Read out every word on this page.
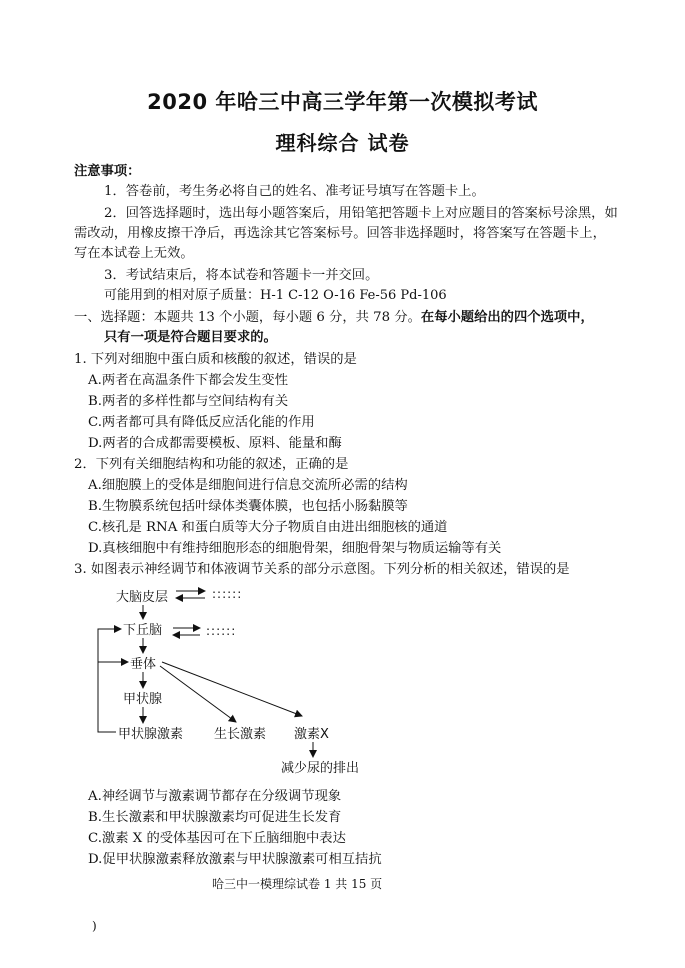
2020 年哈三中高三学年第一次模拟考试
理科综合 试卷
注意事项：
1．答卷前，考生务必将自己的姓名、准考证号填写在答题卡上。
2．回答选择题时，选出每小题答案后，用铅笔把答题卡上对应题目的答案标号涂黑，如
需改动，用橡皮擦干净后，再选涂其它答案标号。回答非选择题时，将答案写在答题卡上，
写在本试卷上无效。
3．考试结束后，将本试卷和答题卡一并交回。
可能用到的相对原子质量：H-1 C-12 O-16 Fe-56 Pd-106
一、选择题：本题共 13 个小题，每小题 6 分，共 78 分。在每小题给出的四个选项中，
只有一项是符合题目要求的。
1. 下列对细胞中蛋白质和核酸的叙述，错误的是
A.两者在高温条件下都会发生变性
B.两者的多样性都与空间结构有关
C.两者都可具有降低反应活化能的作用
D.两者的合成都需要模板、原料、能量和酶
2．下列有关细胞结构和功能的叙述，正确的是
A.细胞膜上的受体是细胞间进行信息交流所必需的结构
B.生物膜系统包括叶绿体类囊体膜，也包括小肠黏膜等
C.核孔是 RNA 和蛋白质等大分子物质自由进出细胞核的通道
D.真核细胞中有维持细胞形态的细胞骨架，细胞骨架与物质运输等有关
3. 如图表示神经调节和体液调节关系的部分示意图。下列分析的相关叙述，错误的是
大脑皮层
下丘脑
垂体
甲状腺
甲状腺激素 生长激素 激素X
减少尿的排出
::::::
::::::
A.神经调节与激素调节都存在分级调节现象
B.生长激素和甲状腺激素均可促进生长发育
C.激素 X 的受体基因可在下丘脑细胞中表达
D.促甲状腺激素释放激素与甲状腺激素可相互拮抗
哈三中一模理综试卷 1 共 15 页
)
